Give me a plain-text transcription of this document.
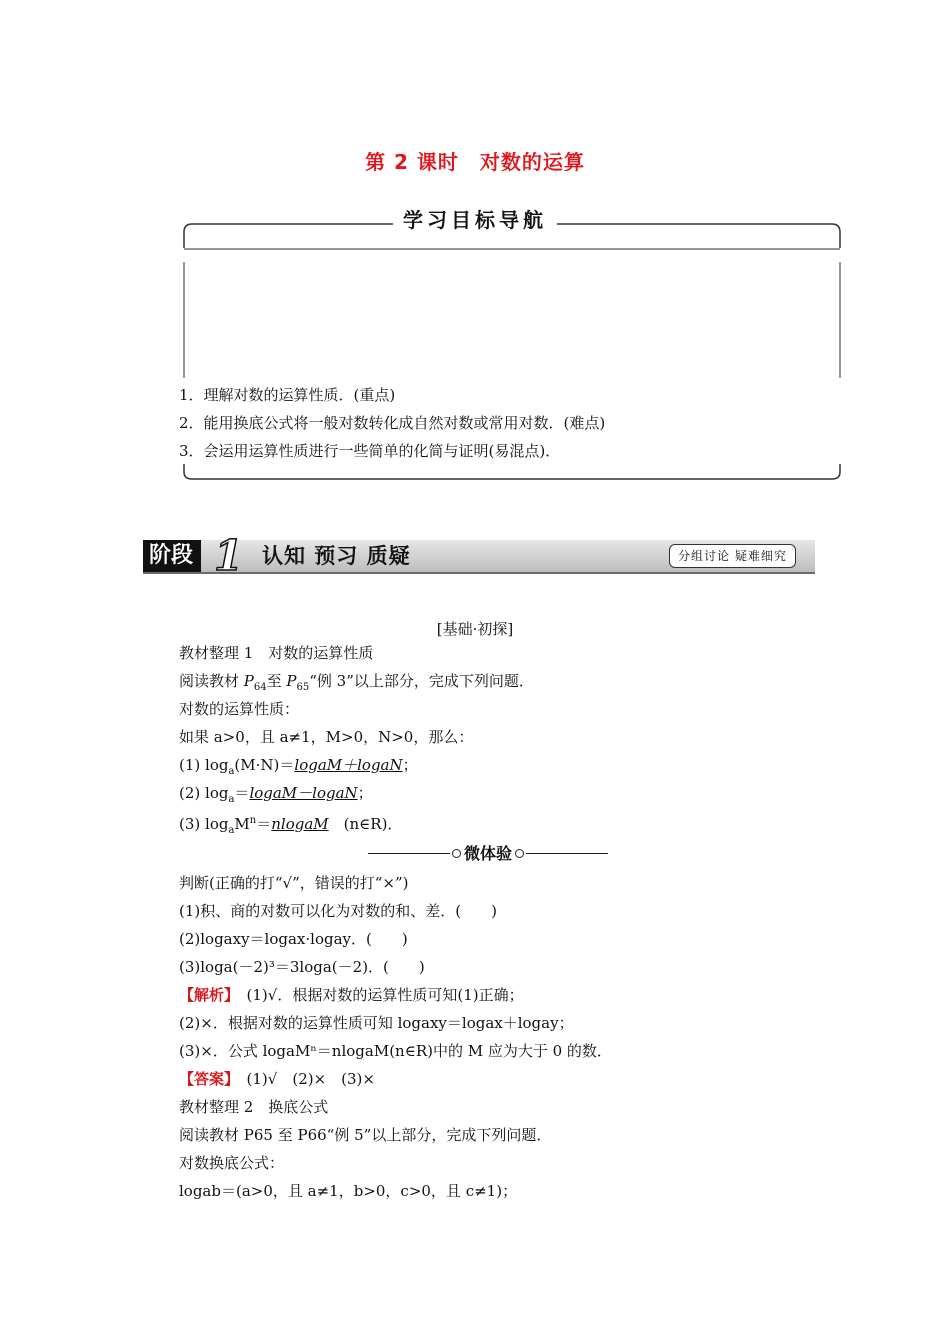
第 2 课时　对数的运算
学习目标导航
1．理解对数的运算性质．(重点)
2．能用换底公式将一般对数转化成自然对数或常用对数．(难点)
3．会运用运算性质进行一些简单的化简与证明(易混点)．
阶段 1 认知 预习 质疑	分组讨论 疑难细究
[基础·初探]
教材整理 1　对数的运算性质
阅读教材 $P_{64}$至 $P_{65}“$例 3”以上部分，完成下列问题．
对数的运算性质：
如果 a>0，且 a≠1，M>0，N>0，那么：
(1) $\log_a(M\cdot N)=logaM+logaN$；
(2) $\log_a=logaM-logaN$；
(3) $\log_aM^n=nlogaM$　 (n∈R)．
微体验
判断(正确的打“√”，错误的打“×”)
(1)积、商的对数可以化为对数的和、差．(　　)
(2)logaxy＝logax·logay．(　　)
(3)loga(－2)³＝3loga(－2)．(　　)
【解析】　 (1)√．根据对数的运算性质可知(1)正确；
(2)×．根据对数的运算性质可知 logaxy＝logax＋logay；
(3)×．公式 logaMⁿ＝nlogaM(n∈R)中的 M 应为大于 0 的数．
【答案】　 (1)√　(2)×　(3)×
教材整理 2　换底公式
阅读教材 P65 至 P66“例 5”以上部分，完成下列问题．
对数换底公式：
logab＝(a>0，且 a≠1，b>0，c>0，且 c≠1)；
